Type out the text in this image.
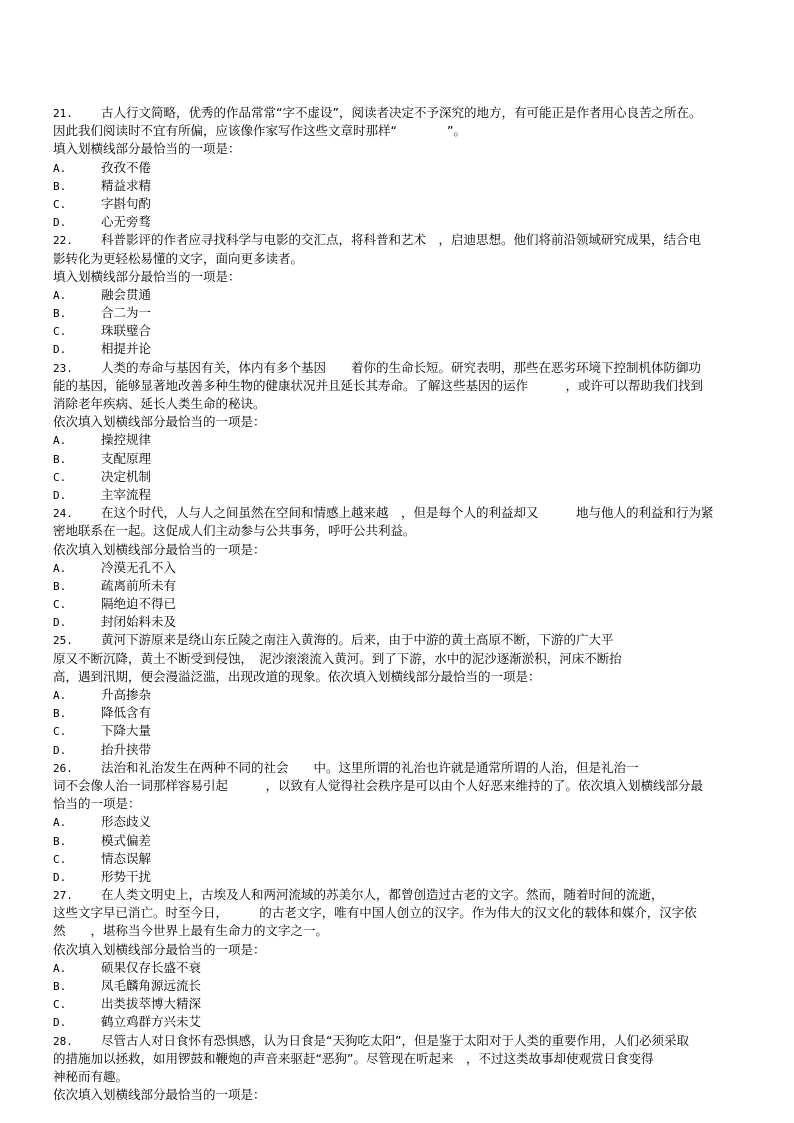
21. 古人行文简略，优秀的作品常常“字不虚设”，阅读者决定不予深究的地方，有可能正是作者用心良苦之所在。
因此我们阅读时不宜有所偏，应该像作家写作这些文章时那样“　　　　”。
填入划横线部分最恰当的一项是：
A.	孜孜不倦
B.	精益求精
C.	字斟句酌
D.	心无旁骛
22. 科普影评的作者应寻找科学与电影的交汇点，将科普和艺术　，启迪思想。他们将前沿领域研究成果，结合电
影转化为更轻松易懂的文字，面向更多读者。
填入划横线部分最恰当的一项是：
A.	融会贯通
B.	合二为一
C.	珠联璧合
D.	相提并论
23. 人类的寿命与基因有关，体内有多个基因　　着你的生命长短。研究表明，那些在恶劣环境下控制机体防御功
能的基因，能够显著地改善多种生物的健康状况并且延长其寿命。了解这些基因的运作　　　，或许可以帮助我们找到
消除老年疾病、延长人类生命的秘诀。
依次填入划横线部分最恰当的一项是：
A.	操控规律
B.	支配原理
C.	决定机制
D.	主宰流程
24. 在这个时代，人与人之间虽然在空间和情感上越来越　，但是每个人的利益却又　　　地与他人的利益和行为紧
密地联系在一起。这促成人们主动参与公共事务，呼吁公共利益。
依次填入划横线部分最恰当的一项是：
A.	冷漠无孔不入
B.	疏离前所未有
C.	隔绝迫不得已
D.	封闭始料未及
25. 黄河下游原来是绕山东丘陵之南注入黄海的。后来，由于中游的黄土高原不断，下游的广大平
原又不断沉降，黄土不断受到侵蚀，　泥沙滚滚流入黄河。到了下游，水中的泥沙逐渐淤积，河床不断抬
高，遇到汛期，便会漫溢泛滥，出现改道的现象。依次填入划横线部分最恰当的一项是：
A.	升高掺杂
B.	降低含有
C.	下降大量
D.	抬升挟带
26. 法治和礼治发生在两种不同的社会　　中。这里所谓的礼治也许就是通常所谓的人治，但是礼治一
词不会像人治一词那样容易引起　　　，以致有人觉得社会秩序是可以由个人好恶来维持的了。依次填入划横线部分最
恰当的一项是：
A.	形态歧义
B.	模式偏差
C.	情态误解
D.	形势干扰
27. 在人类文明史上，古埃及人和两河流域的苏美尔人，都曾创造过古老的文字。然而，随着时间的流逝，
这些文字早已消亡。时至今日，　　　的古老文字，唯有中国人创立的汉字。作为伟大的汉文化的载体和媒介，汉字依
然　　，堪称当今世界上最有生命力的文字之一。
依次填入划横线部分最恰当的一项是：
A.	硕果仅存长盛不衰
B.	凤毛麟角源远流长
C.	出类拔萃博大精深
D.	鹤立鸡群方兴未艾
28. 尽管古人对日食怀有恐惧感，认为日食是“天狗吃太阳”，但是鉴于太阳对于人类的重要作用，人们必须采取
的措施加以拯救，如用锣鼓和鞭炮的声音来驱赶“恶狗”。尽管现在听起来　，不过这类故事却使观赏日食变得
神秘而有趣。
依次填入划横线部分最恰当的一项是：
